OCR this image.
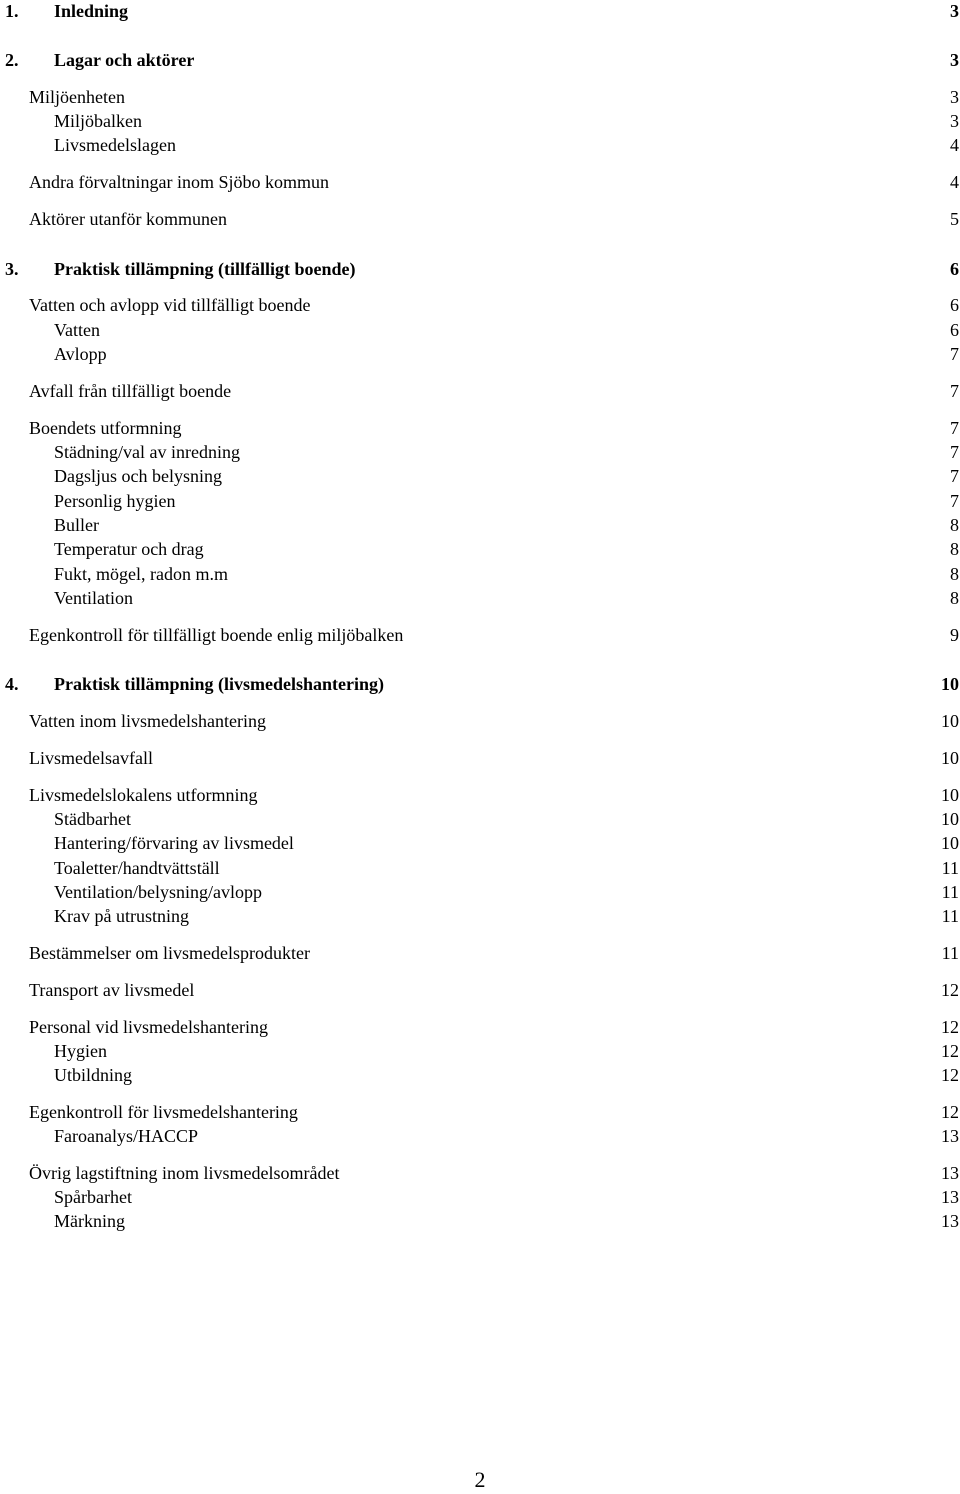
1. Inledning	3
2. Lagar och aktörer	3
Miljöenheten	3
Miljöbalken	3
Livsmedelslagen	4
Andra förvaltningar inom Sjöbo kommun	4
Aktörer utanför kommunen	5
3. Praktisk tillämpning (tillfälligt boende)	6
Vatten och avlopp vid tillfälligt boende	6
Vatten	6
Avlopp	7
Avfall från tillfälligt boende	7
Boendets utformning	7
Städning/val av inredning	7
Dagsljus och belysning	7
Personlig hygien	7
Buller	8
Temperatur och drag	8
Fukt, mögel, radon m.m	8
Ventilation	8
Egenkontroll för tillfälligt boende enlig miljöbalken	9
4. Praktisk tillämpning (livsmedelshantering)	10
Vatten inom livsmedelshantering	10
Livsmedelsavfall	10
Livsmedelslokalens utformning	10
Städbarhet	10
Hantering/förvaring av livsmedel	10
Toaletter/handtvättställ	11
Ventilation/belysning/avlopp	11
Krav på utrustning	11
Bestämmelser om livsmedelsprodukter	11
Transport av livsmedel	12
Personal vid livsmedelshantering	12
Hygien	12
Utbildning	12
Egenkontroll för livsmedelshantering	12
Faroanalys/HACCP	13
Övrig lagstiftning inom livsmedelsområdet	13
Spårbarhet	13
Märkning	13
2
